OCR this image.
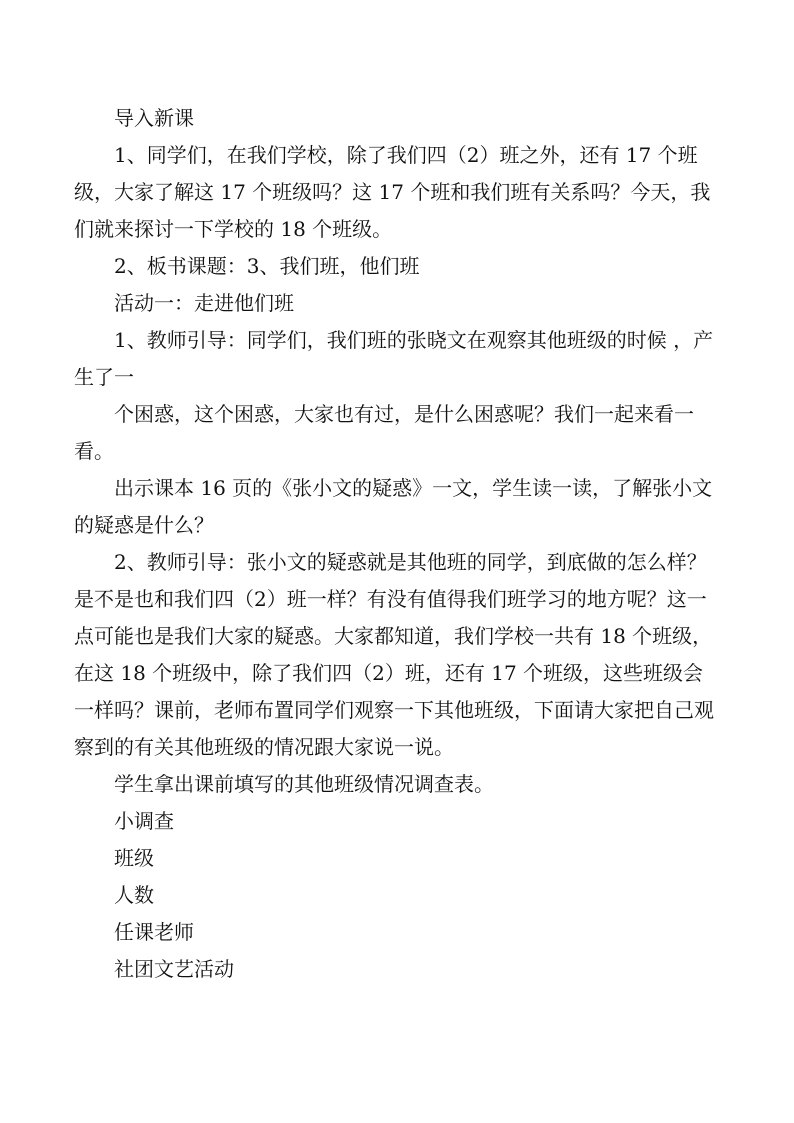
导入新课

1、同学们，在我们学校，除了我们四（2）班之外，还有 17 个班级，大家了解这 17 个班级吗？这 17 个班和我们班有关系吗？今天，我们就来探讨一下学校的 18 个班级。

2、板书课题：3、我们班，他们班

活动一：走进他们班

1、教师引导：同学们，我们班的张晓文在观察其他班级的时候 ，产生了一

个困惑，这个困惑，大家也有过，是什么困惑呢？我们一起来看一看。

出示课本 16 页的《张小文的疑惑》一文，学生读一读，了解张小文的疑惑是什么？

2、教师引导：张小文的疑惑就是其他班的同学，到底做的怎么样？是不是也和我们四（2）班一样？有没有值得我们班学习的地方呢？这一点可能也是我们大家的疑惑。大家都知道，我们学校一共有 18 个班级，在这 18 个班级中，除了我们四（2）班，还有 17 个班级，这些班级会一样吗？课前，老师布置同学们观察一下其他班级，下面请大家把自己观察到的有关其他班级的情况跟大家说一说。

学生拿出课前填写的其他班级情况调查表。

小调查

班级

人数

任课老师

社团文艺活动
